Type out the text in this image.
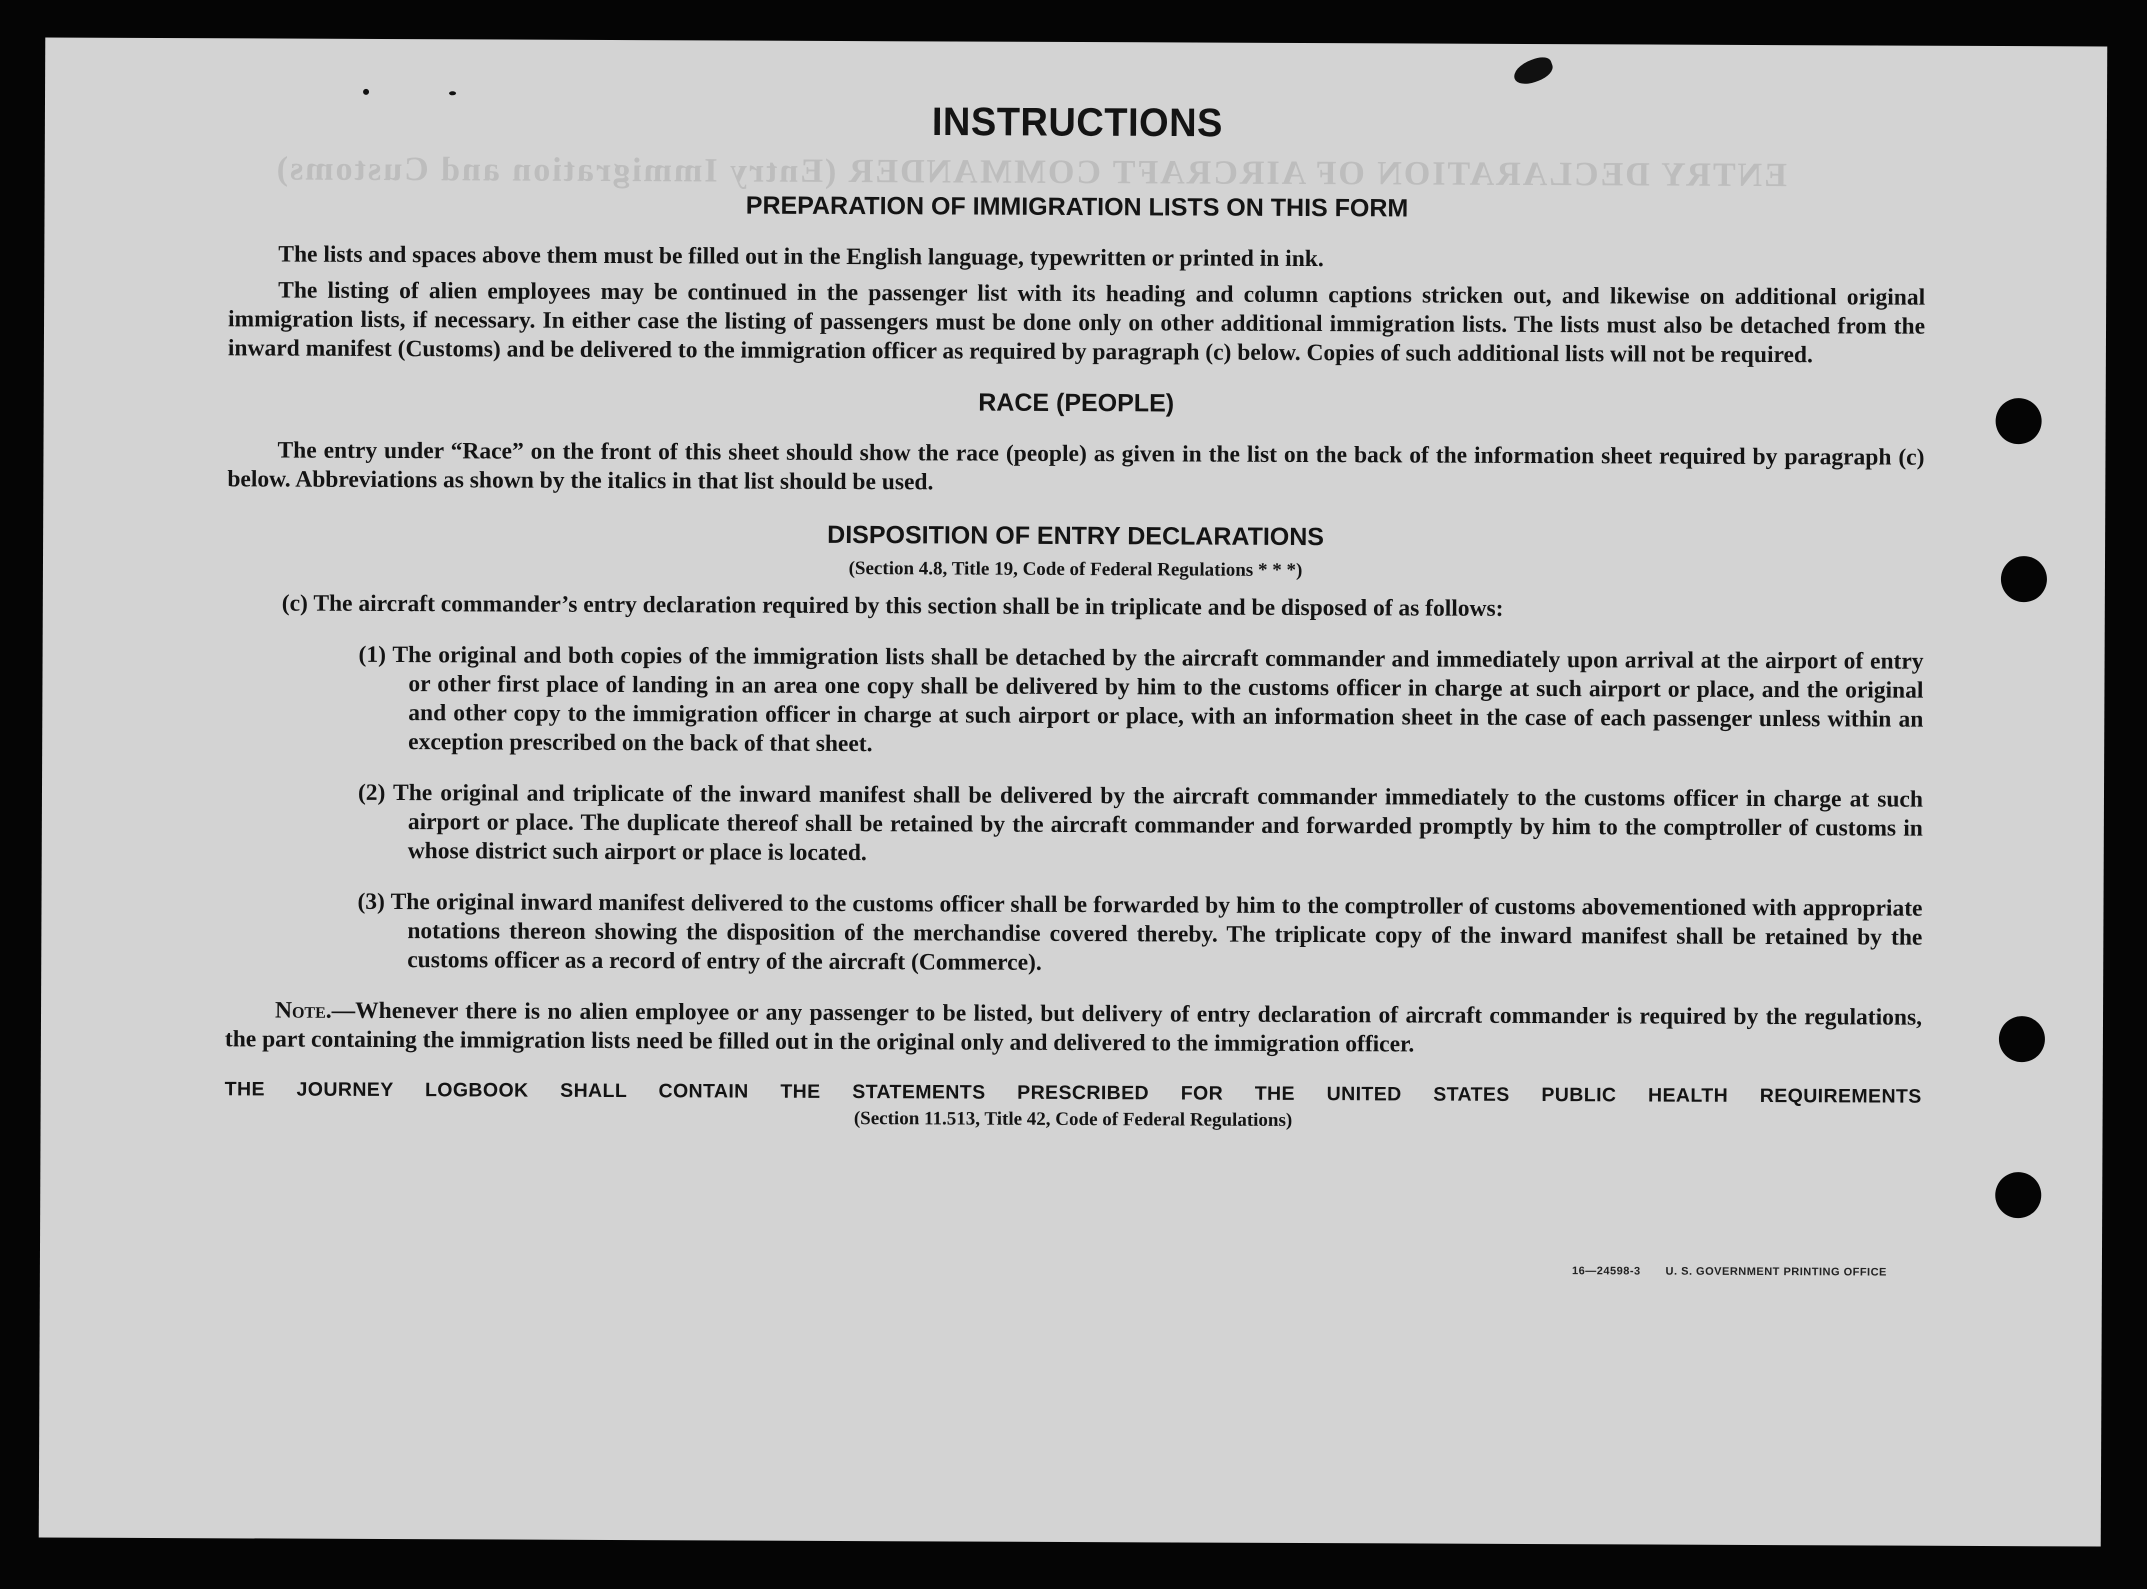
ENTRY DECLARATION OF AIRCRAFT COMMANDER (Entry Immigration and Customs)
INSTRUCTIONS
PREPARATION OF IMMIGRATION LISTS ON THIS FORM

The lists and spaces above them must be filled out in the English language, typewritten or printed in ink.

The listing of alien employees may be continued in the passenger list with its heading and column captions stricken out, and likewise on additional original immigration lists, if necessary. In either case the listing of passengers must be done only on other additional immigration lists. The lists must also be detached from the inward manifest (Customs) and be delivered to the immigration officer as required by paragraph (c) below. Copies of such additional lists will not be required.

RACE (PEOPLE)

The entry under “Race” on the front of this sheet should show the race (people) as given in the list on the back of the information sheet required by paragraph (c) below. Abbreviations as shown by the italics in that list should be used.

DISPOSITION OF ENTRY DECLARATIONS
(Section 4.8, Title 19, Code of Federal Regulations * * *)

(c) The aircraft commander’s entry declaration required by this section shall be in triplicate and be disposed of as follows:

(1) The original and both copies of the immigration lists shall be detached by the aircraft commander and immediately upon arrival at the airport of entry or other first place of landing in an area one copy shall be delivered by him to the customs officer in charge at such airport or place, and the original and other copy to the immigration officer in charge at such airport or place, with an information sheet in the case of each passenger unless within an exception prescribed on the back of that sheet.

(2) The original and triplicate of the inward manifest shall be delivered by the aircraft commander immediately to the customs officer in charge at such airport or place. The duplicate thereof shall be retained by the aircraft commander and forwarded promptly by him to the comptroller of customs in whose district such airport or place is located.

(3) The original inward manifest delivered to the customs officer shall be forwarded by him to the comptroller of customs abovementioned with appropriate notations thereon showing the disposition of the merchandise covered thereby. The triplicate copy of the inward manifest shall be retained by the customs officer as a record of entry of the aircraft (Commerce).

Note.—Whenever there is no alien employee or any passenger to be listed, but delivery of entry declaration of aircraft commander is required by the regulations, the part containing the immigration lists need be filled out in the original only and delivered to the immigration officer.

THE JOURNEY LOGBOOK SHALL CONTAIN THE STATEMENTS PRESCRIBED FOR THE UNITED STATES PUBLIC HEALTH REQUIREMENTS
(Section 11.513, Title 42, Code of Federal Regulations)
16—24598-3 U. S. GOVERNMENT PRINTING OFFICE
